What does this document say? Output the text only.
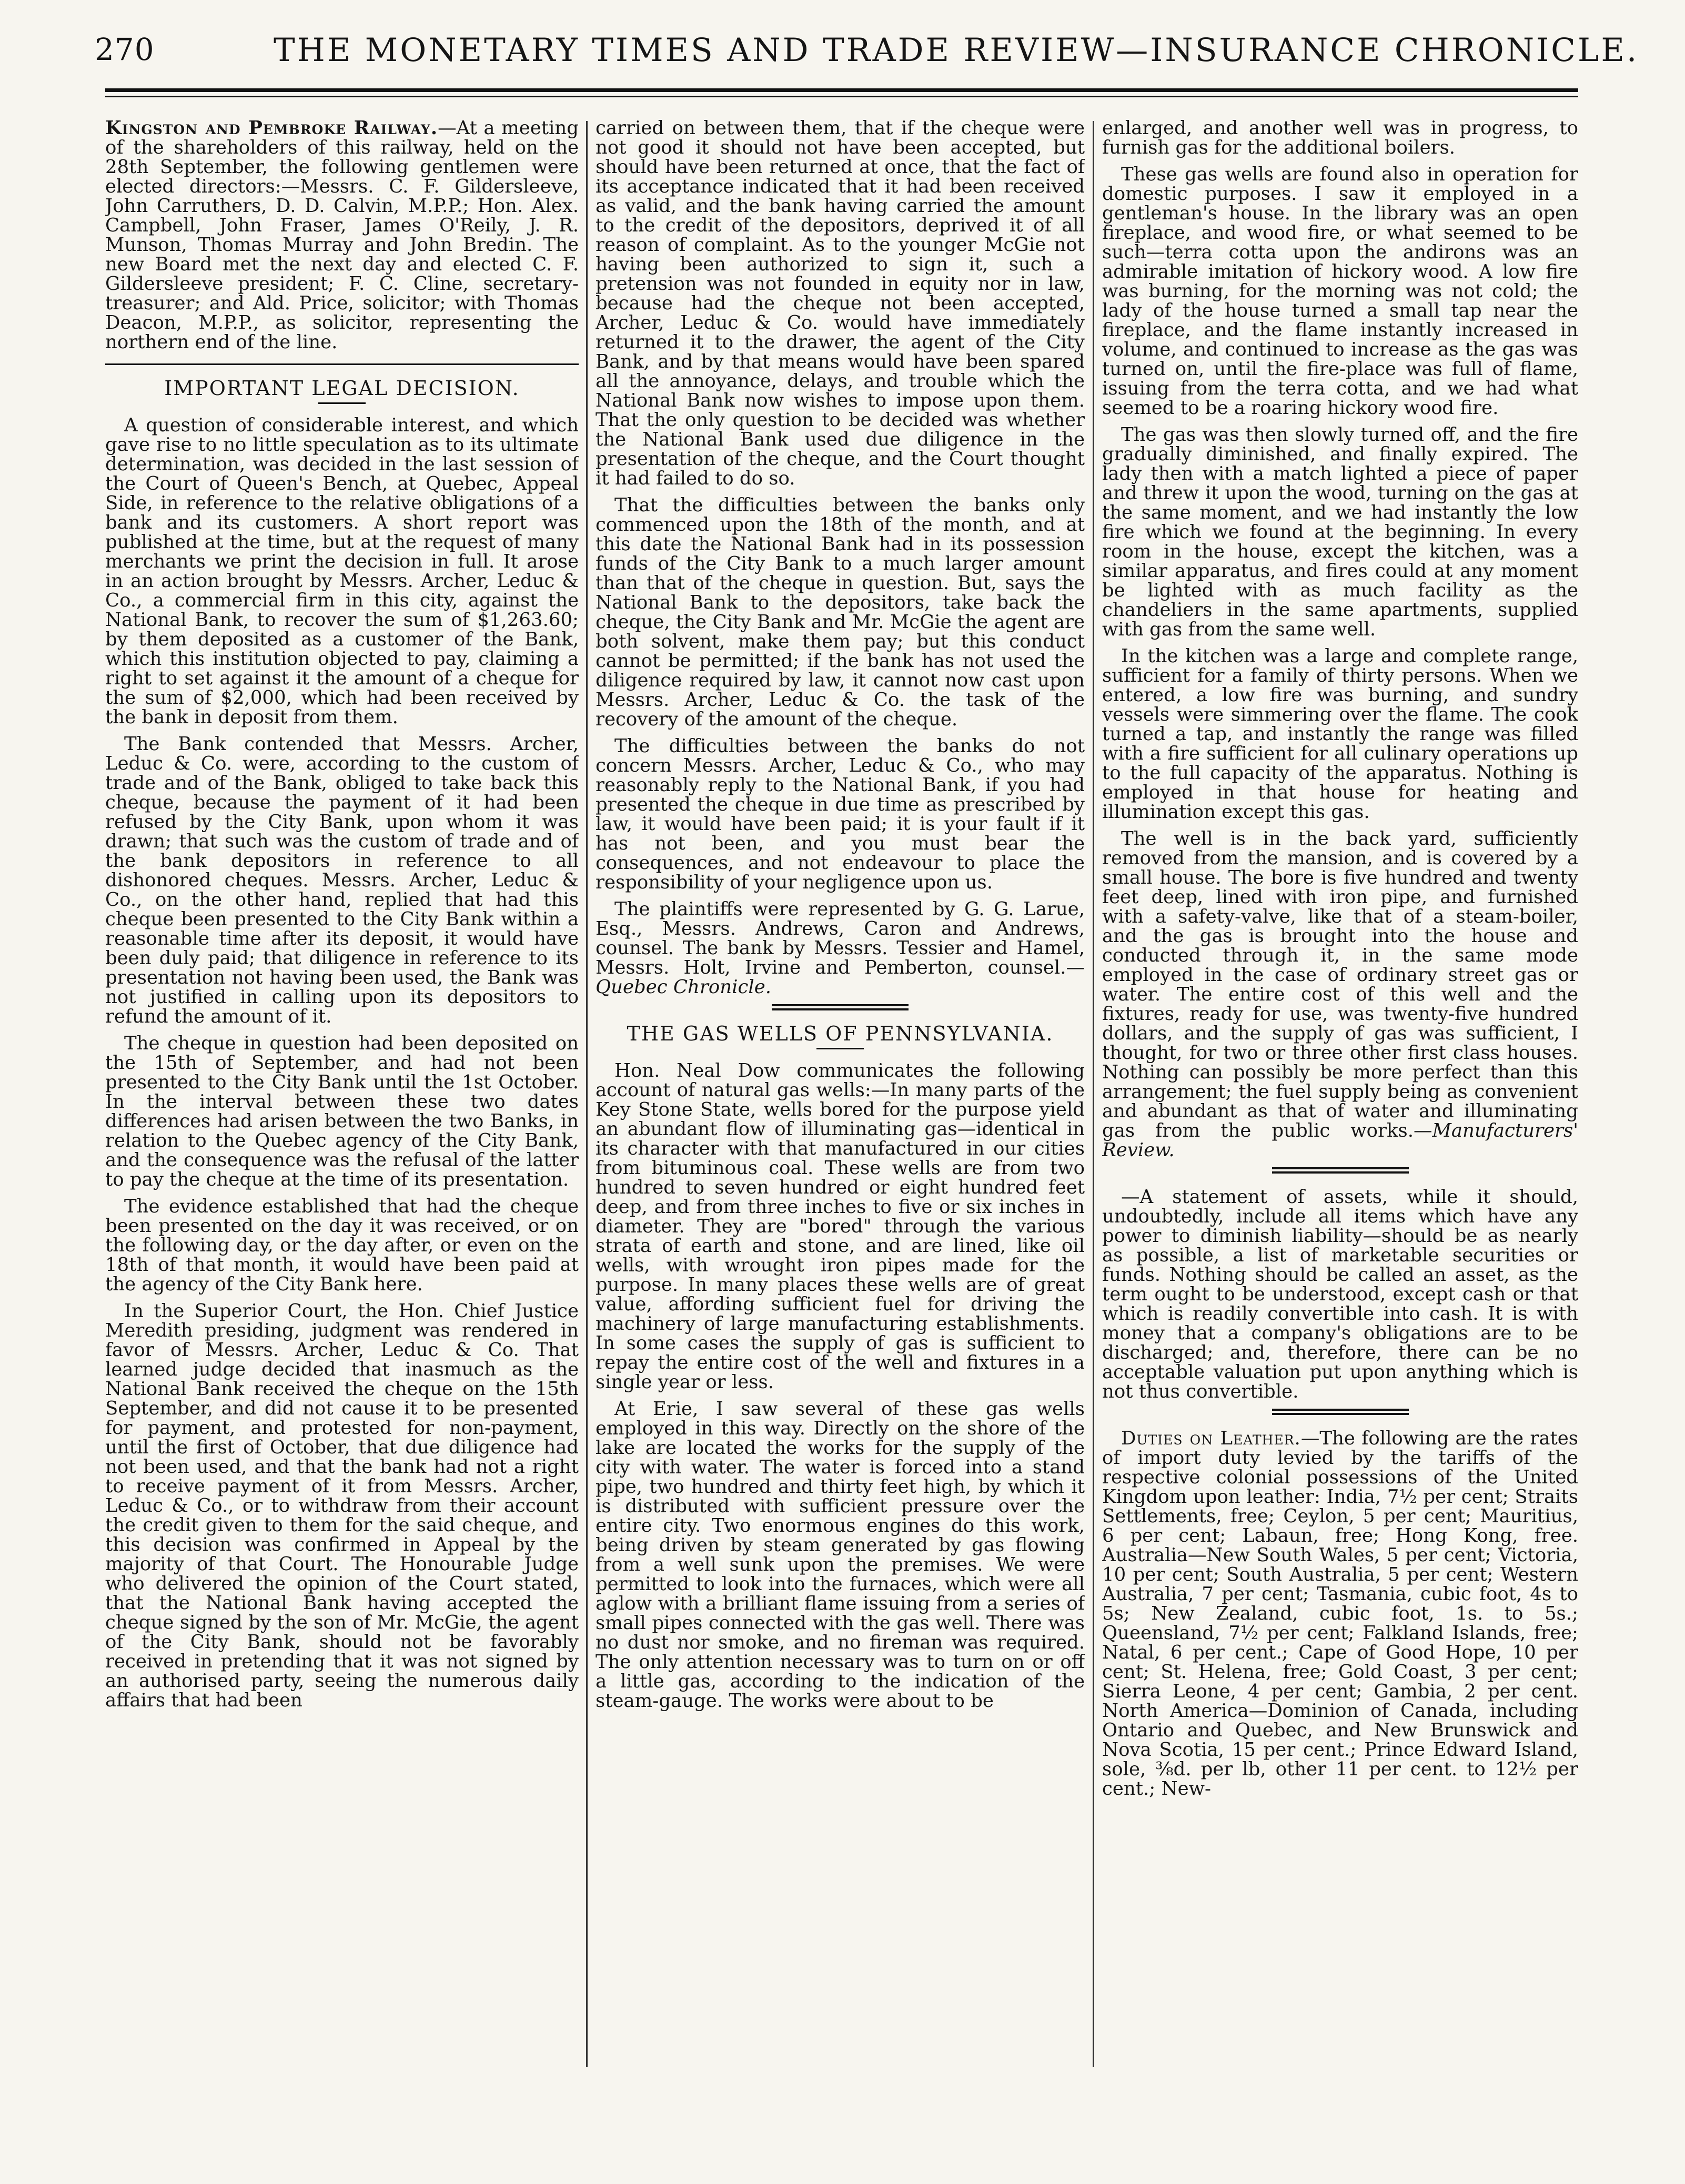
270	THE MONETARY TIMES AND TRADE REVIEW—INSURANCE CHRONICLE.

Kingston and Pembroke Railway.—At a meeting of the shareholders of this railway, held on the 28th September, the following gentlemen were elected directors:—Messrs. C. F. Gildersleeve, John Carruthers, D. D. Calvin, M.P.P.; Hon. Alex. Campbell, John Fraser, James O'Reily, J. R. Munson, Thomas Murray and John Bredin. The new Board met the next day and elected C. F. Gildersleeve president; F. C. Cline, secretary-treasurer; and Ald. Price, solicitor; with Thomas Deacon, M.P.P., as solicitor, representing the northern end of the line.

IMPORTANT LEGAL DECISION.

A question of considerable interest, and which gave rise to no little speculation as to its ultimate determination, was decided in the last session of the Court of Queen's Bench, at Quebec, Appeal Side, in reference to the relative obligations of a bank and its customers. A short report was published at the time, but at the request of many merchants we print the decision in full. It arose in an action brought by Messrs. Archer, Leduc & Co., a commercial firm in this city, against the National Bank, to recover the sum of $1,263.60; by them deposited as a customer of the Bank, which this institution objected to pay, claiming a right to set against it the amount of a cheque for the sum of $2,000, which had been received by the bank in deposit from them.

The Bank contended that Messrs. Archer, Leduc & Co. were, according to the custom of trade and of the Bank, obliged to take back this cheque, because the payment of it had been refused by the City Bank, upon whom it was drawn; that such was the custom of trade and of the bank depositors in reference to all dishonored cheques. Messrs. Archer, Leduc & Co., on the other hand, replied that had this cheque been presented to the City Bank within a reasonable time after its deposit, it would have been duly paid; that diligence in reference to its presentation not having been used, the Bank was not justified in calling upon its depositors to refund the amount of it.

The cheque in question had been deposited on the 15th of September, and had not been presented to the City Bank until the 1st October. In the interval between these two dates differences had arisen between the two Banks, in relation to the Quebec agency of the City Bank, and the consequence was the refusal of the latter to pay the cheque at the time of its presentation.

The evidence established that had the cheque been presented on the day it was received, or on the following day, or the day after, or even on the 18th of that month, it would have been paid at the agency of the City Bank here.

In the Superior Court, the Hon. Chief Justice Meredith presiding, judgment was rendered in favor of Messrs. Archer, Leduc & Co. That learned judge decided that inasmuch as the National Bank received the cheque on the 15th September, and did not cause it to be presented for payment, and protested for non-payment, until the first of October, that due diligence had not been used, and that the bank had not a right to receive payment of it from Messrs. Archer, Leduc & Co., or to withdraw from their account the credit given to them for the said cheque, and this decision was confirmed in Appeal by the majority of that Court. The Honourable Judge who delivered the opinion of the Court stated, that the National Bank having accepted the cheque signed by the son of Mr. McGie, the agent of the City Bank, should not be favorably received in pretending that it was not signed by an authorised party, seeing the numerous daily affairs that had been

carried on between them, that if the cheque were not good it should not have been accepted, but should have been returned at once, that the fact of its acceptance indicated that it had been received as valid, and the bank having carried the amount to the credit of the depositors, deprived it of all reason of complaint. As to the younger McGie not having been authorized to sign it, such a pretension was not founded in equity nor in law, because had the cheque not been accepted, Archer, Leduc & Co. would have immediately returned it to the drawer, the agent of the City Bank, and by that means would have been spared all the annoyance, delays, and trouble which the National Bank now wishes to impose upon them. That the only question to be decided was whether the National Bank used due diligence in the presentation of the cheque, and the Court thought it had failed to do so.

That the difficulties between the banks only commenced upon the 18th of the month, and at this date the National Bank had in its possession funds of the City Bank to a much larger amount than that of the cheque in question. But, says the National Bank to the depositors, take back the cheque, the City Bank and Mr. McGie the agent are both solvent, make them pay; but this conduct cannot be permitted; if the bank has not used the diligence required by law, it cannot now cast upon Messrs. Archer, Leduc & Co. the task of the recovery of the amount of the cheque.

The difficulties between the banks do not concern Messrs. Archer, Leduc & Co., who may reasonably reply to the National Bank, if you had presented the cheque in due time as prescribed by law, it would have been paid; it is your fault if it has not been, and you must bear the consequences, and not endeavour to place the responsibility of your negligence upon us.

The plaintiffs were represented by G. G. Larue, Esq., Messrs. Andrews, Caron and Andrews, counsel. The bank by Messrs. Tessier and Hamel, Messrs. Holt, Irvine and Pemberton, counsel.—Quebec Chronicle.

THE GAS WELLS OF PENNSYLVANIA.

Hon. Neal Dow communicates the following account of natural gas wells:—In many parts of the Key Stone State, wells bored for the purpose yield an abundant flow of illuminating gas—identical in its character with that manufactured in our cities from bituminous coal. These wells are from two hundred to seven hundred or eight hundred feet deep, and from three inches to five or six inches in diameter. They are "bored" through the various strata of earth and stone, and are lined, like oil wells, with wrought iron pipes made for the purpose. In many places these wells are of great value, affording sufficient fuel for driving the machinery of large manufacturing establishments. In some cases the supply of gas is sufficient to repay the entire cost of the well and fixtures in a single year or less.

At Erie, I saw several of these gas wells employed in this way. Directly on the shore of the lake are located the works for the supply of the city with water. The water is forced into a stand pipe, two hundred and thirty feet high, by which it is distributed with sufficient pressure over the entire city. Two enormous engines do this work, being driven by steam generated by gas flowing from a well sunk upon the premises. We were permitted to look into the furnaces, which were all aglow with a brilliant flame issuing from a series of small pipes connected with the gas well. There was no dust nor smoke, and no fireman was required. The only attention necessary was to turn on or off a little gas, according to the indication of the steam-gauge. The works were about to be

enlarged, and another well was in progress, to furnish gas for the additional boilers.

These gas wells are found also in operation for domestic purposes. I saw it employed in a gentleman's house. In the library was an open fireplace, and wood fire, or what seemed to be such—terra cotta upon the andirons was an admirable imitation of hickory wood. A low fire was burning, for the morning was not cold; the lady of the house turned a small tap near the fireplace, and the flame instantly increased in volume, and continued to increase as the gas was turned on, until the fire-place was full of flame, issuing from the terra cotta, and we had what seemed to be a roaring hickory wood fire.

The gas was then slowly turned off, and the fire gradually diminished, and finally expired. The lady then with a match lighted a piece of paper and threw it upon the wood, turning on the gas at the same moment, and we had instantly the low fire which we found at the beginning. In every room in the house, except the kitchen, was a similar apparatus, and fires could at any moment be lighted with as much facility as the chandeliers in the same apartments, supplied with gas from the same well.

In the kitchen was a large and complete range, sufficient for a family of thirty persons. When we entered, a low fire was burning, and sundry vessels were simmering over the flame. The cook turned a tap, and instantly the range was filled with a fire sufficient for all culinary operations up to the full capacity of the apparatus. Nothing is employed in that house for heating and illumination except this gas.

The well is in the back yard, sufficiently removed from the mansion, and is covered by a small house. The bore is five hundred and twenty feet deep, lined with iron pipe, and furnished with a safety-valve, like that of a steam-boiler, and the gas is brought into the house and conducted through it, in the same mode employed in the case of ordinary street gas or water. The entire cost of this well and the fixtures, ready for use, was twenty-five hundred dollars, and the supply of gas was sufficient, I thought, for two or three other first class houses. Nothing can possibly be more perfect than this arrangement; the fuel supply being as convenient and abundant as that of water and illuminating gas from the public works.—Manufacturers' Review.

—A statement of assets, while it should, undoubtedly, include all items which have any power to diminish liability—should be as nearly as possible, a list of marketable securities or funds. Nothing should be called an asset, as the term ought to be understood, except cash or that which is readily convertible into cash. It is with money that a company's obligations are to be discharged; and, therefore, there can be no acceptable valuation put upon anything which is not thus convertible.

Duties on Leather.—The following are the rates of import duty levied by the tariffs of the respective colonial possessions of the United Kingdom upon leather: India, 7½ per cent; Straits Settlements, free; Ceylon, 5 per cent; Mauritius, 6 per cent; Labaun, free; Hong Kong, free. Australia—New South Wales, 5 per cent; Victoria, 10 per cent; South Australia, 5 per cent; Western Australia, 7 per cent; Tasmania, cubic foot, 4s to 5s; New Zealand, cubic foot, 1s. to 5s.; Queensland, 7½ per cent; Falkland Islands, free; Natal, 6 per cent.; Cape of Good Hope, 10 per cent; St. Helena, free; Gold Coast, 3 per cent; Sierra Leone, 4 per cent; Gambia, 2 per cent. North America—Dominion of Canada, including Ontario and Quebec, and New Brunswick and Nova Scotia, 15 per cent.; Prince Edward Island, sole, ⅜d. per lb, other 11 per cent. to 12½ per cent.; New-
